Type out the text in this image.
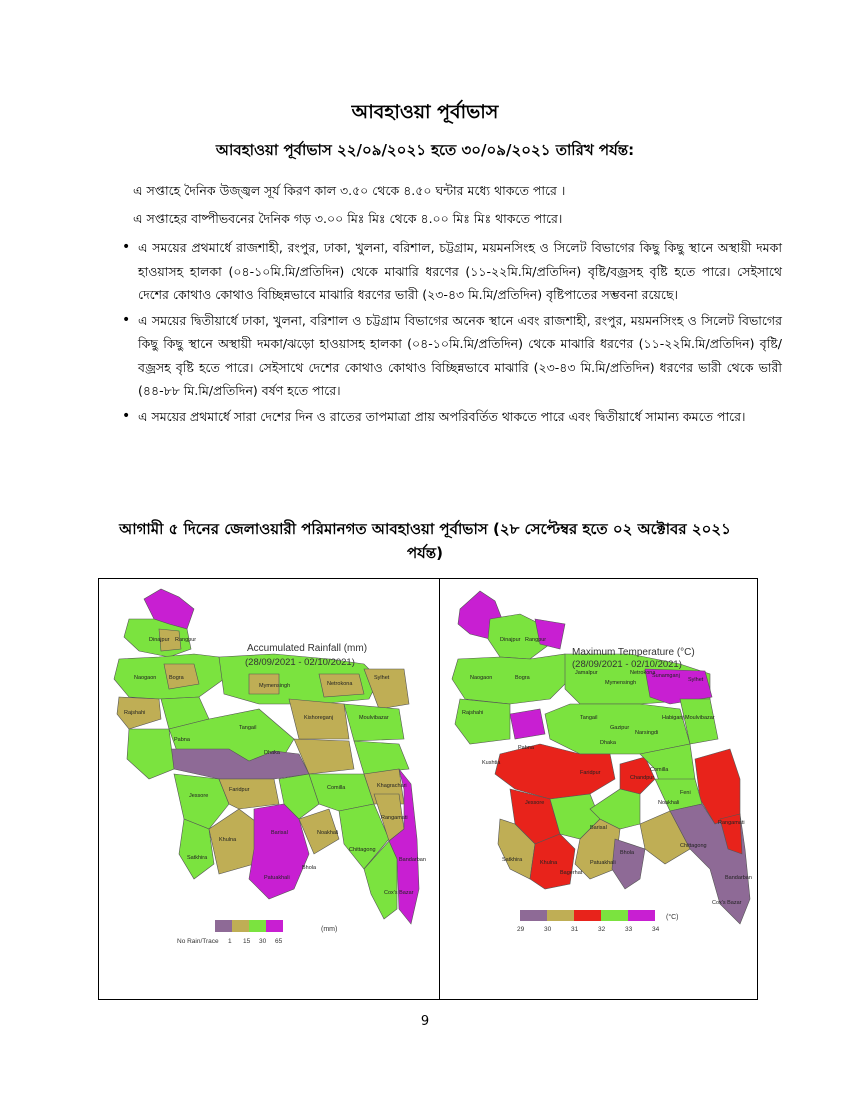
আবহাওয়া পূর্বাভাস
আবহাওয়া পূর্বাভাস ২২/০৯/২০২১ হতে ৩০/০৯/২০২১ তারিখ পর্যন্ত:
এ সপ্তাহে দৈনিক উজ্জ্বল সূর্য কিরণ কাল ৩.৫০ থেকে ৪.৫০ ঘন্টার মধ্যে থাকতে পারে ।
এ সপ্তাহের বাষ্পীভবনের দৈনিক গড় ৩.০০ মিঃ মিঃ থেকে ৪.০০ মিঃ মিঃ থাকতে পারে।
• এ সময়ের প্রথমার্ধে রাজশাহী, রংপুর, ঢাকা, খুলনা, বরিশাল, চট্টগ্রাম, ময়মনসিংহ ও সিলেট বিভাগের কিছু কিছু স্থানে অস্থায়ী দমকা হাওয়াসহ হালকা (০৪-১০মি.মি/প্রতিদিন) থেকে মাঝারি ধরণের (১১-২২মি.মি/প্রতিদিন) বৃষ্টি/বজ্রসহ বৃষ্টি হতে পারে। সেইসাথে দেশের কোথাও কোথাও বিচ্ছিন্নভাবে মাঝারি ধরণের ভারী (২৩-৪৩ মি.মি/প্রতিদিন) বৃষ্টিপাতের সম্ভবনা রয়েছে।
• এ সময়ের দ্বিতীয়ার্ধে ঢাকা, খুলনা, বরিশাল ও চট্টগ্রাম বিভাগের অনেক স্থানে এবং রাজশাহী, রংপুর, ময়মনসিংহ ও সিলেট বিভাগের কিছু কিছু স্থানে অস্থায়ী দমকা/ঝড়ো হাওয়াসহ হালকা (০৪-১০মি.মি/প্রতিদিন) থেকে মাঝারি ধরণের (১১-২২মি.মি/প্রতিদিন) বৃষ্টি/বজ্রসহ বৃষ্টি হতে পারে। সেইসাথে দেশের কোথাও কোথাও বিচ্ছিন্নভাবে মাঝারি (২৩-৪৩ মি.মি/প্রতিদিন) ধরণের ভারী থেকে ভারী (৪৪-৮৮ মি.মি/প্রতিদিন) বর্ষণ হতে পারে।
• এ সময়ের প্রথমার্ধে সারা দেশের দিন ও রাতের তাপমাত্রা প্রায় অপরিবর্তিত থাকতে পারে এবং দ্বিতীয়ার্ধে সামান্য কমতে পারে।
আগামী ৫ দিনের জেলাওয়ারী পরিমানগত আবহাওয়া পূর্বাভাস (২৮ সেপ্টেম্বর হতে ০২ অক্টোবর ২০২১ পর্যন্ত)
Dinajpur Rangpur
Bogra
Naogaon
Rajshahi
Pabna
Tangail
Dhaka
Faridpur
Jessore
Khulna
Barisal
Comilla
Sylhet
Moulvibazar
Chittagong
Cox's Bazar
Mymensingh
Kishoreganj
Netrokona
Khagrachari
Rangamati
Bandarban
Noakhali
Bhola
Satkhira
Patuakhali
Accumulated Rainfall (mm)
(28/09/2021 - 02/10/2021)
No Rain/Trace 1 15 30 65
(mm)
Dinajpur Rangpur
Bogra
Naogaon
Rajshahi
Pabna
Jamalpur
Mymensingh
Netrokona
Sylhet
Sunamganj
Moulvibazar
Habiganj
Tangail
Dhaka
Gazipur
Narsingdi
Comilla
Chandpur
Faridpur
Jessore
Khulna
Barisal
Noakhali
Feni
Chittagong
Rangamati
Bandarban
Cox's Bazar
Kushtia
Satkhira
Bagerhat
Patuakhali
Bhola
Maximum Temperature (°C)
(28/09/2021 - 02/10/2021)
29	30	31	32	33	34
(°C)
9
